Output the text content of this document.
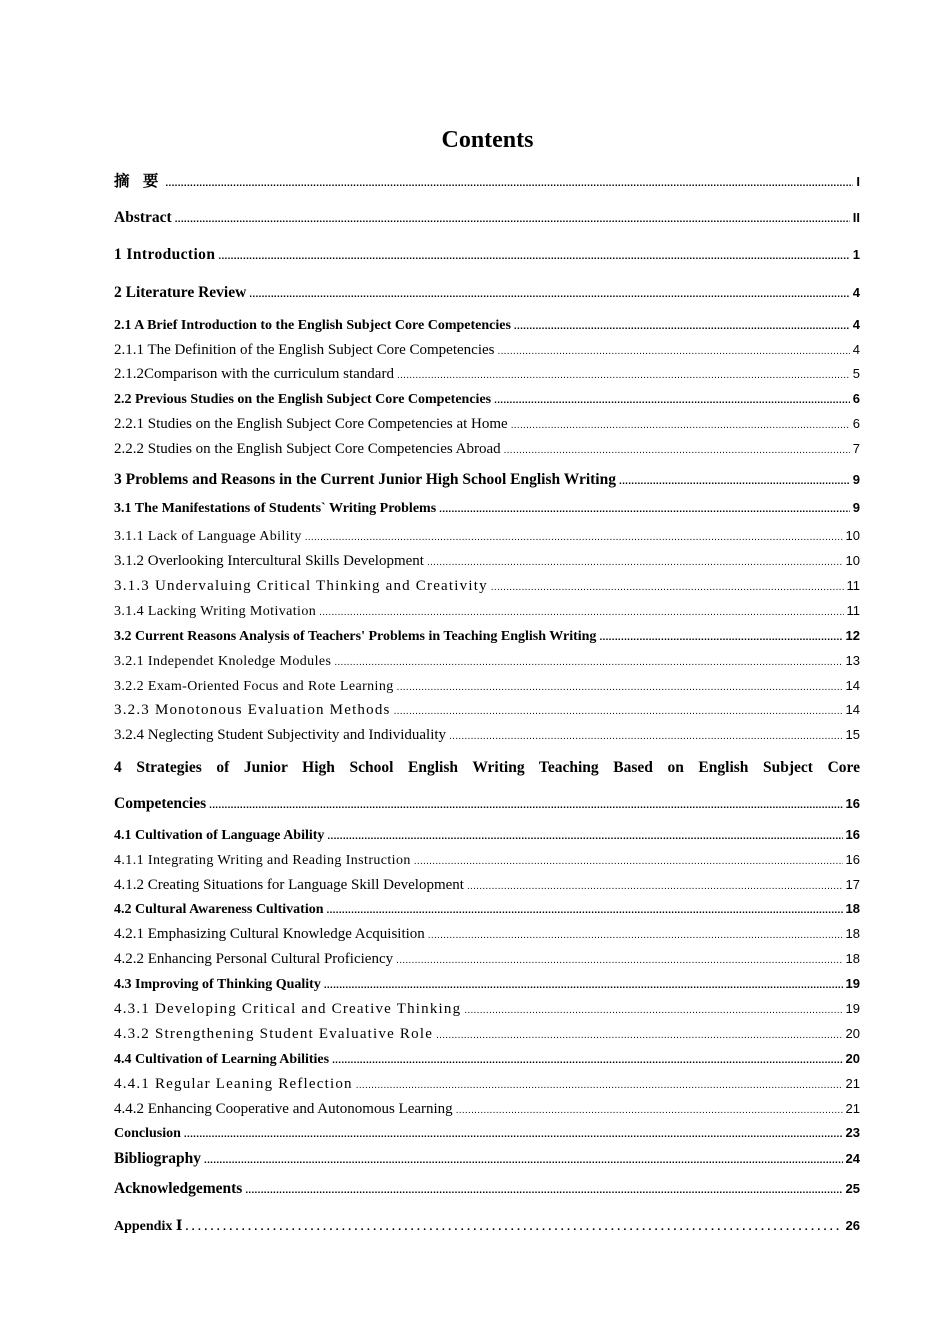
Contents
摘 要 .....	I
Abstract .....	II
1 Introduction .....	1
2 Literature Review .....	4
2.1 A Brief Introduction to the English Subject Core Competencies .....	4
2.1.1 The Definition of the English Subject Core Competencies .....	4
2.1.2Comparison with the curriculum standard .....	5
2.2 Previous Studies on the English Subject Core Competencies .....	6
2.2.1 Studies on the English Subject Core Competencies at Home .....	6
2.2.2 Studies on the English Subject Core Competencies Abroad .....	7
3 Problems and Reasons in the Current Junior High School English Writing .....	9
3.1 The Manifestations of Students` Writing Problems .....	9
3.1.1 Lack of Language Ability .....	10
3.1.2 Overlooking Intercultural Skills Development .....	10
3.1.3 Undervaluing Critical Thinking and Creativity .....	11
3.1.4 Lacking Writing Motivation .....	11
3.2 Current Reasons Analysis of Teachers' Problems in Teaching English Writing .....	12
3.2.1 Independet Knoledge Modules .....	13
3.2.2 Exam-Oriented Focus and Rote Learning .....	14
3.2.3 Monotonous Evaluation Methods .....	14
3.2.4 Neglecting Student Subjectivity and Individuality .....	15
4 Strategies of Junior High School English Writing Teaching Based on English Subject Core
Competencies .....	16
4.1 Cultivation of Language Ability .....	16
4.1.1 Integrating Writing and Reading Instruction .....	16
4.1.2 Creating Situations for Language Skill Development .....	17
4.2 Cultural Awareness Cultivation .....	18
4.2.1 Emphasizing Cultural Knowledge Acquisition .....	18
4.2.2 Enhancing Personal Cultural Proficiency .....	18
4.3 Improving of Thinking Quality .....	19
4.3.1 Developing Critical and Creative Thinking .....	19
4.3.2 Strengthening Student Evaluative Role .....	20
4.4 Cultivation of Learning Abilities .....	20
4.4.1 Regular Leaning Reflection .....	21
4.4.2 Enhancing Cooperative and Autonomous Learning .....	21
Conclusion .....	23
Bibliography .....	24
Acknowledgements .....	25
Appendix Ⅰ .....	26
